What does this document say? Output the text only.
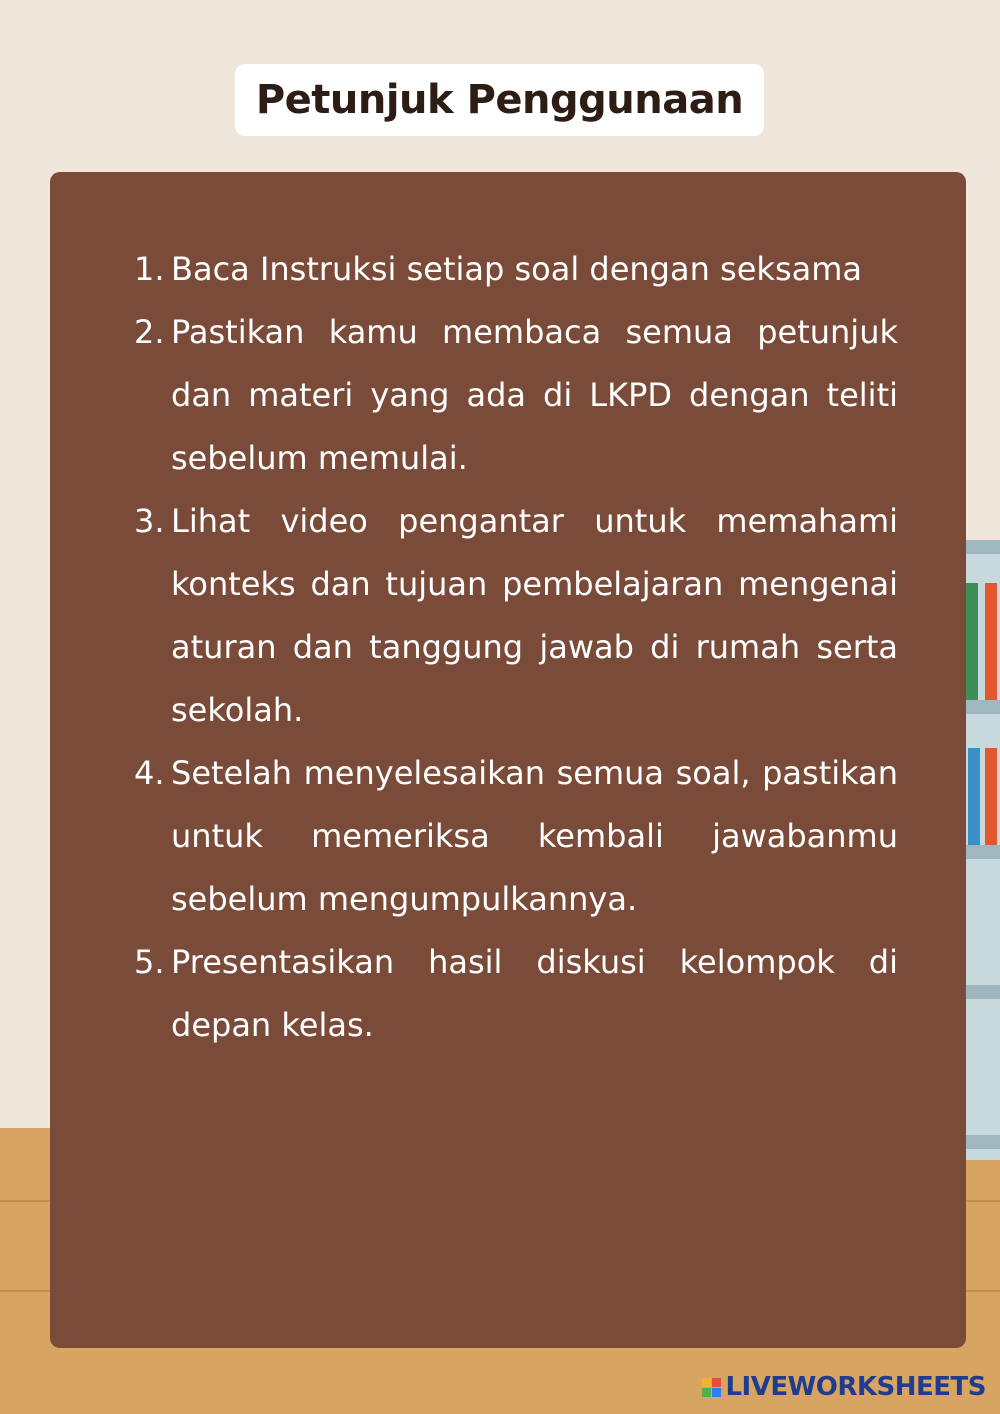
Petunjuk Penggunaan
1. Baca Instruksi setiap soal dengan seksama
2. Pastikan kamu membaca semua petunjuk dan materi yang ada di LKPD dengan teliti sebelum memulai.
3. Lihat video pengantar untuk memahami konteks dan tujuan pembelajaran mengenai aturan dan tanggung jawab di rumah serta sekolah.
4. Setelah menyelesaikan semua soal, pastikan untuk memeriksa kembali jawabanmu sebelum mengumpulkannya.
5. Presentasikan hasil diskusi kelompok di depan kelas.
LIVEWORKSHEETS
